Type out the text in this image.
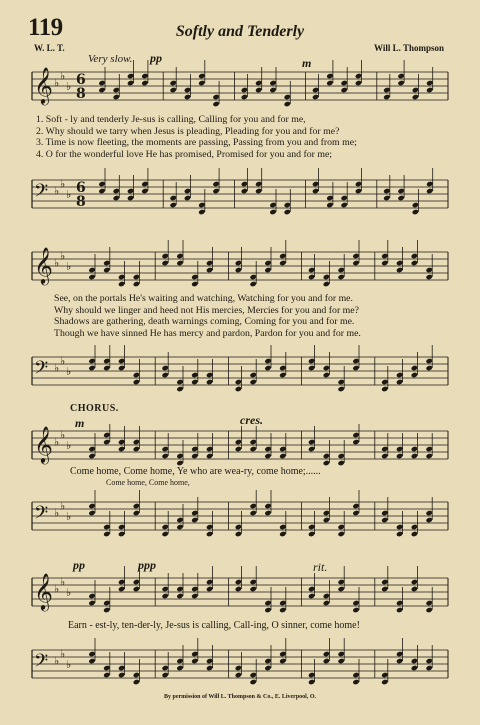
119	Softly and Tenderly
W. L. T.	Will L. Thompson
Very slow. pp	m
𝄞 ♭
♭
♭ 6
8
1. Soft - ly and tenderly Je-sus is calling, Calling for you and for me,
2. Why should we tarry when Jesus is pleading, Pleading for you and for me?
3. Time is now fleeting, the moments are passing, Passing from you and from me;
4. O for the wonderful love He has promised, Promised for you and for me;
𝄢 ♭
♭
♭ 6
8
𝄞 ♭
♭
♭
See, on the portals He's waiting and watching, Watching for you and for me.
Why should we linger and heed not His mercies, Mercies for you and for me?
Shadows are gathering, death warnings coming, Coming for you and for me.
Though we have sinned He has mercy and pardon, Pardon for you and for me.
𝄢 ♭
♭
♭
CHORUS.
m	cres.
𝄞 ♭
♭
♭
Come home, Come home, Ye who are wea-ry, come home;......
Come home, Come home,
𝄢 ♭
♭
♭
pp	ppp	rit.
𝄞 ♭
♭
♭
Earn - est-ly, ten-der-ly, Je-sus is calling, Call-ing, O sinner, come home!
𝄢 ♭
♭
♭
By permission of Will L. Thompson & Co., E. Liverpool, O.
